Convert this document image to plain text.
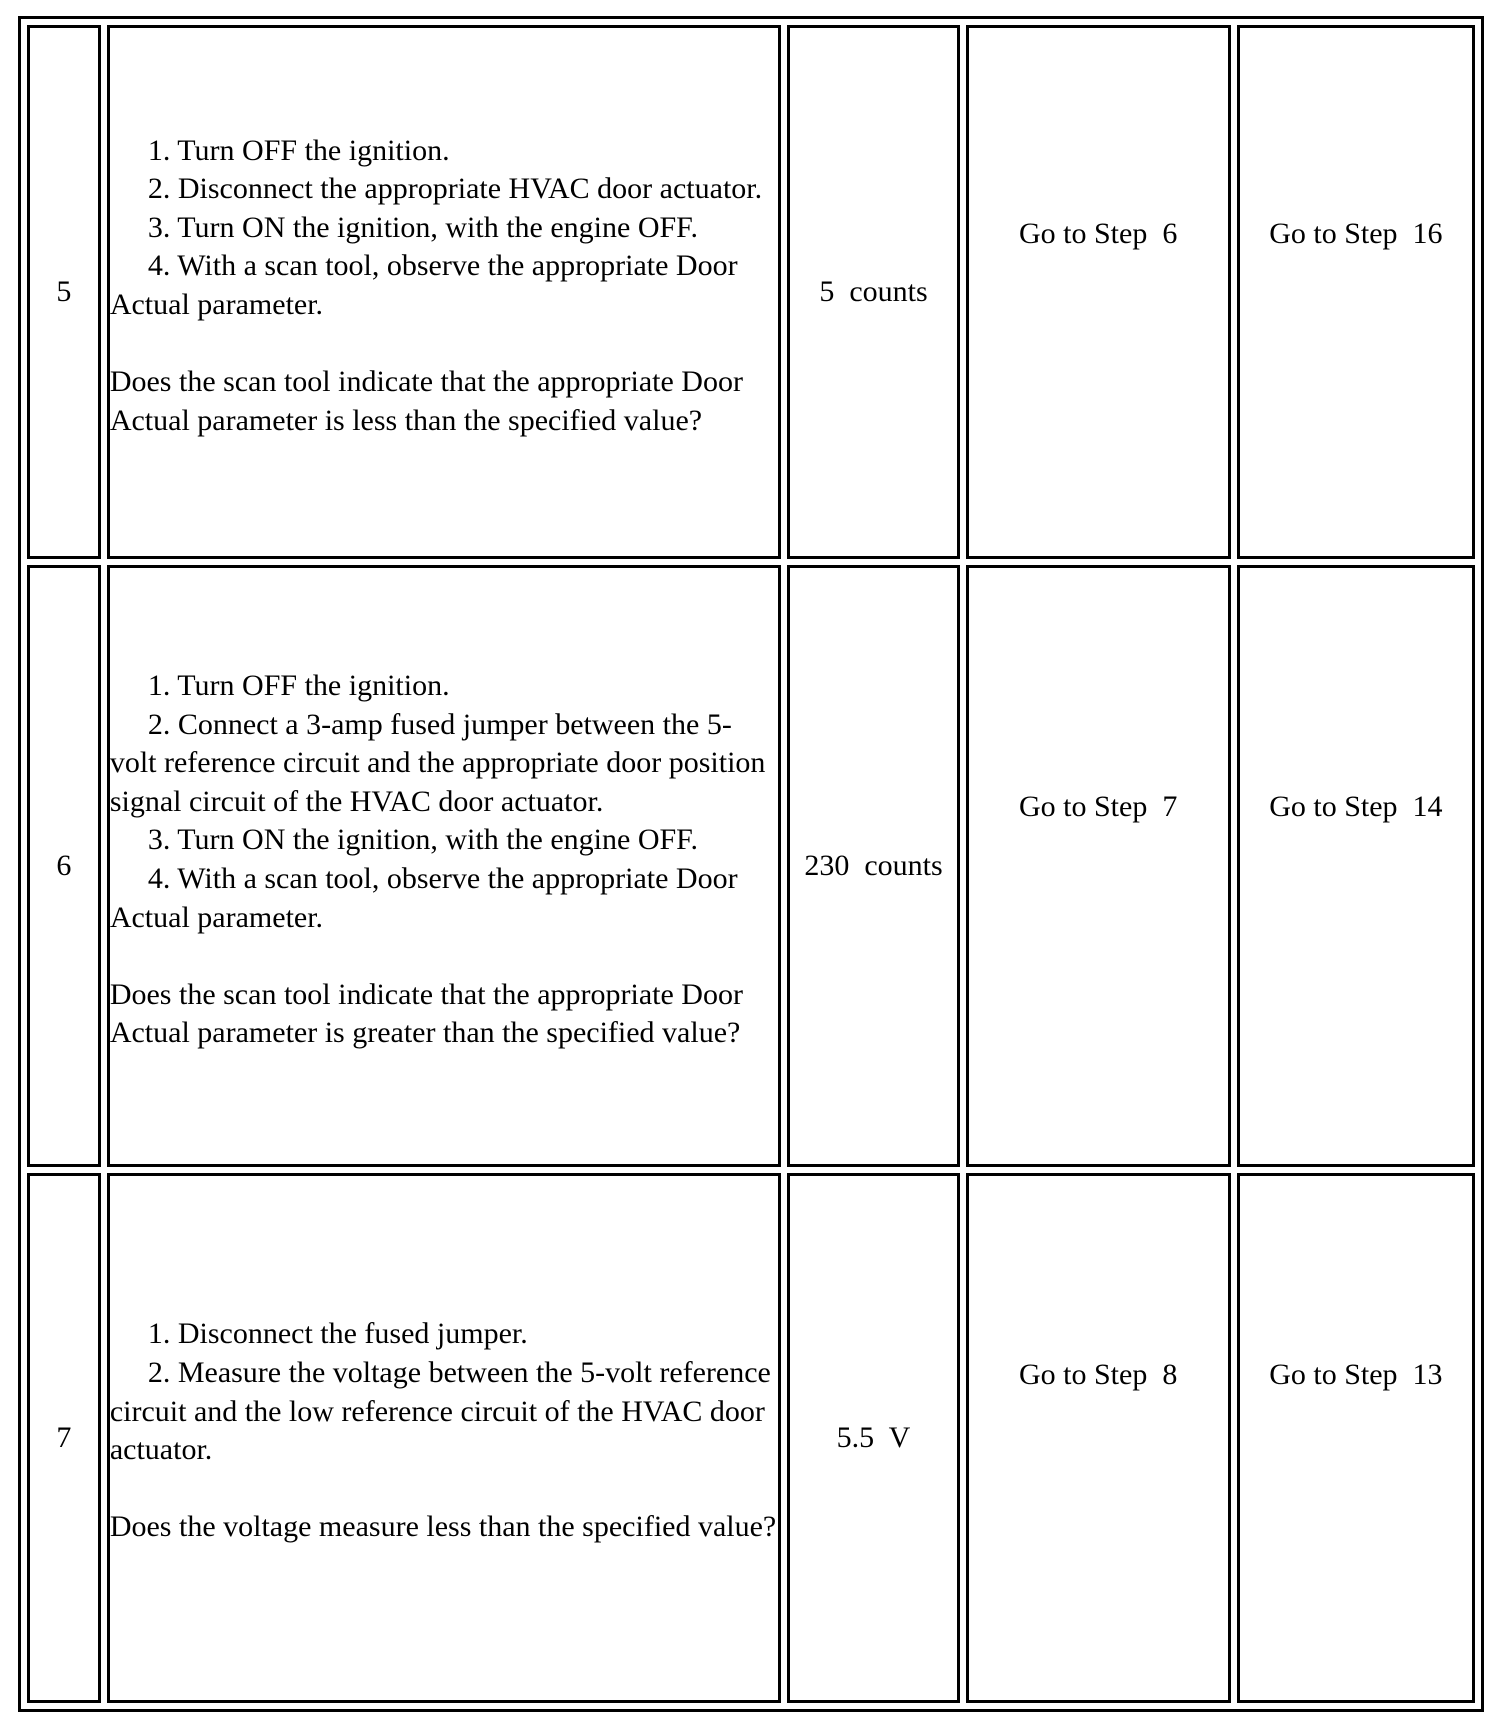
5	1. Turn OFF the ignition.
2. Disconnect the appropriate HVAC door actuator.
3. Turn ON the ignition, with the engine OFF.
4. With a scan tool, observe the appropriate Door Actual parameter.
Does the scan tool indicate that the appropriate Door Actual parameter is less than the specified value?	5  counts	Go to Step  6	Go to Step  16

6	1. Turn OFF the ignition.
2. Connect a 3-amp fused jumper between the 5-volt reference circuit and the appropriate door position signal circuit of the HVAC door actuator.
3. Turn ON the ignition, with the engine OFF.
4. With a scan tool, observe the appropriate Door Actual parameter.
Does the scan tool indicate that the appropriate Door Actual parameter is greater than the specified value?	230  counts	Go to Step  7	Go to Step  14

7	1. Disconnect the fused jumper.
2. Measure the voltage between the 5-volt reference circuit and the low reference circuit of the HVAC door actuator.
Does the voltage measure less than the specified value?	5.5  V	Go to Step  8	Go to Step  13
